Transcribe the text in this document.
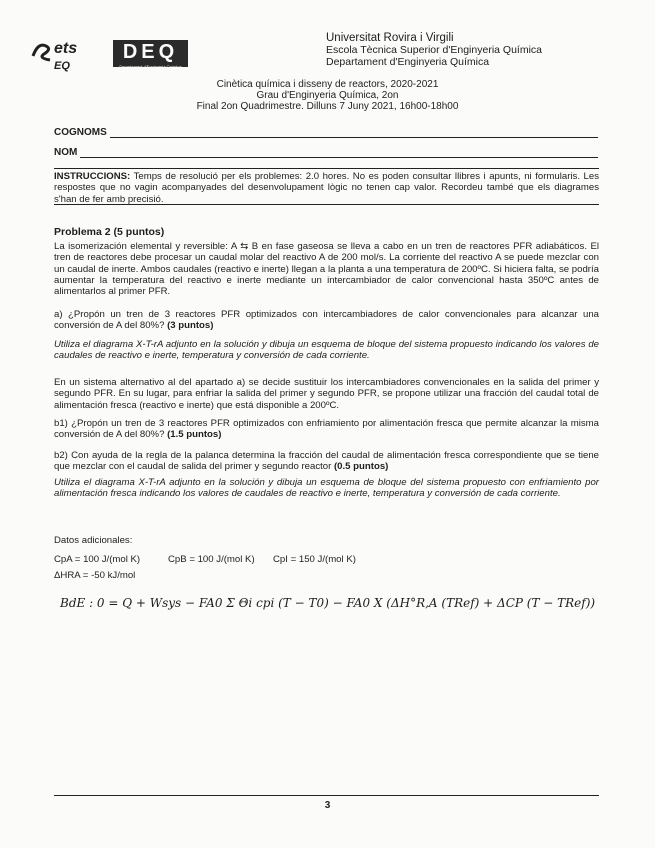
ets
EQ
DEQ
Departament d'Enginyeria Química
Universitat Rovira i Virgili
Escola Tècnica Superior d'Enginyeria Química
Departament d'Enginyeria Química
Cinètica química i disseny de reactors, 2020-2021
Grau d'Enginyeria Química, 2on
Final 2on Quadrimestre. Dilluns 7 Juny 2021, 16h00-18h00
COGNOMS
NOM
INSTRUCCIONS: Temps de resolució per els problemes: 2.0 hores. No es poden consultar llibres i apunts, ni formularis. Les respostes que no vagin acompanyades del desenvolupament lògic no tenen cap valor. Recordeu també que els diagrames s'han de fer amb precisió.
Problema 2 (5 puntos)
La isomerización elemental y reversible: A ⇆ B en fase gaseosa se lleva a cabo en un tren de reactores PFR adiabáticos. El tren de reactores debe procesar un caudal molar del reactivo A de 200 mol/s. La corriente del reactivo A se puede mezclar con un caudal de inerte. Ambos caudales (reactivo e inerte) llegan a la planta a una temperatura de 200ºC. Si hiciera falta, se podría aumentar la temperatura del reactivo e inerte mediante un intercambiador de calor convencional hasta 350ºC antes de alimentarlos al primer PFR.
a) ¿Propón un tren de 3 reactores PFR optimizados con intercambiadores de calor convencionales para alcanzar una conversión de A del 80%? (3 puntos)
Utiliza el diagrama X-T-rA adjunto en la solución y dibuja un esquema de bloque del sistema propuesto indicando los valores de caudales de reactivo e inerte, temperatura y conversión de cada corriente.
En un sistema alternativo al del apartado a) se decide sustituir los intercambiadores convencionales en la salida del primer y segundo PFR. En su lugar, para enfriar la salida del primer y segundo PFR, se propone utilizar una fracción del caudal total de alimentación fresca (reactivo e inerte) que está disponible a 200ºC.
b1) ¿Propón un tren de 3 reactores PFR optimizados con enfriamiento por alimentación fresca que permite alcanzar la misma conversión de A del 80%? (1.5 puntos)
b2) Con ayuda de la regla de la palanca determina la fracción del caudal de alimentación fresca correspondiente que se tiene que mezclar con el caudal de salida del primer y segundo reactor (0.5 puntos)
Utiliza el diagrama X-T-rA adjunto en la solución y dibuja un esquema de bloque del sistema propuesto con enfriamiento por alimentación fresca indicando los valores de caudales de reactivo e inerte, temperatura y conversión de cada corriente.
Datos adicionales:
CpA = 100 J/(mol K)	CpB = 100 J/(mol K) CpI = 150 J/(mol K)
ΔHRA = -50 kJ/mol
BdE : 0 = Q + Wsys − FA0 Σ Θi cpi (T − T0) − FA0 X (ΔH°R,A (TRef) + ΔCP (T − TRef))
3
